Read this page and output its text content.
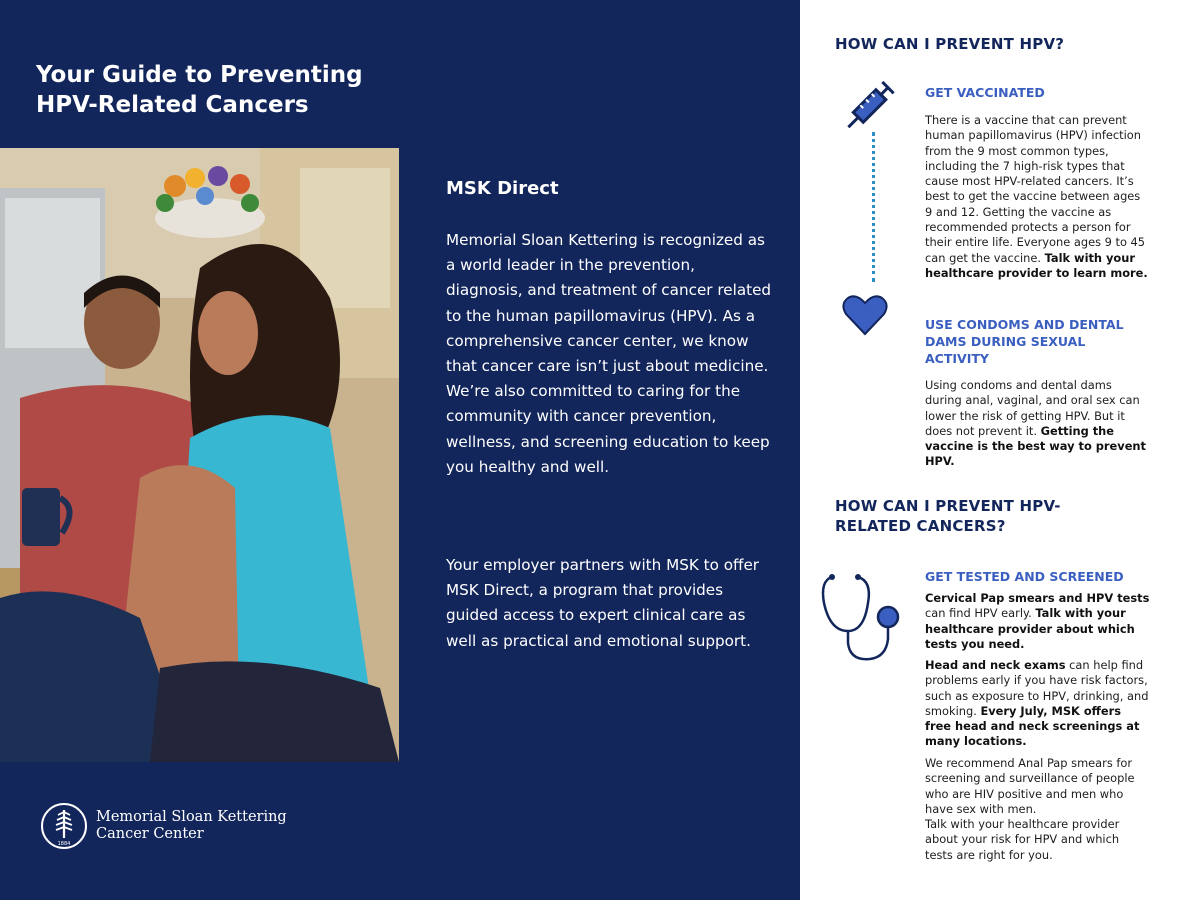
Your Guide to Preventing HPV-Related Cancers
MSK Direct

Memorial Sloan Kettering is recognized as a world leader in the prevention, diagnosis, and treatment of cancer related to the human papillomavirus (HPV). As a comprehensive cancer center, we know that cancer care isn’t just about medicine. We’re also committed to caring for the community with cancer prevention, wellness, and screening education to keep you healthy and well.

Your employer partners with MSK to offer MSK Direct, a program that provides guided access to expert clinical care as well as practical and emotional support.

1884
Memorial Sloan Kettering
Cancer Center
HOW CAN I PREVENT HPV?
GET VACCINATED

There is a vaccine that can prevent human papillomavirus (HPV) infection from the 9 most common types, including the 7 high-risk types that cause most HPV-related cancers. It’s best to get the vaccine between ages 9 and 12. Getting the vaccine as recommended protects a person for their entire life. Everyone ages 9 to 45 can get the vaccine. Talk with your healthcare provider to learn more.

USE CONDOMS AND DENTAL DAMS DURING SEXUAL ACTIVITY

Using condoms and dental dams during anal, vaginal, and oral sex can lower the risk of getting HPV. But it does not prevent it. Getting the vaccine is the best way to prevent HPV.

HOW CAN I PREVENT HPV-RELATED CANCERS?
GET TESTED AND SCREENED

Cervical Pap smears and HPV tests can find HPV early. Talk with your healthcare provider about which tests you need.

Head and neck exams can help find problems early if you have risk factors, such as exposure to HPV, drinking, and smoking. Every July, MSK offers free head and neck screenings at many locations.

We recommend Anal Pap smears for screening and surveillance of people who are HIV positive and men who have sex with men.
Talk with your healthcare provider about your risk for HPV and which tests are right for you.
